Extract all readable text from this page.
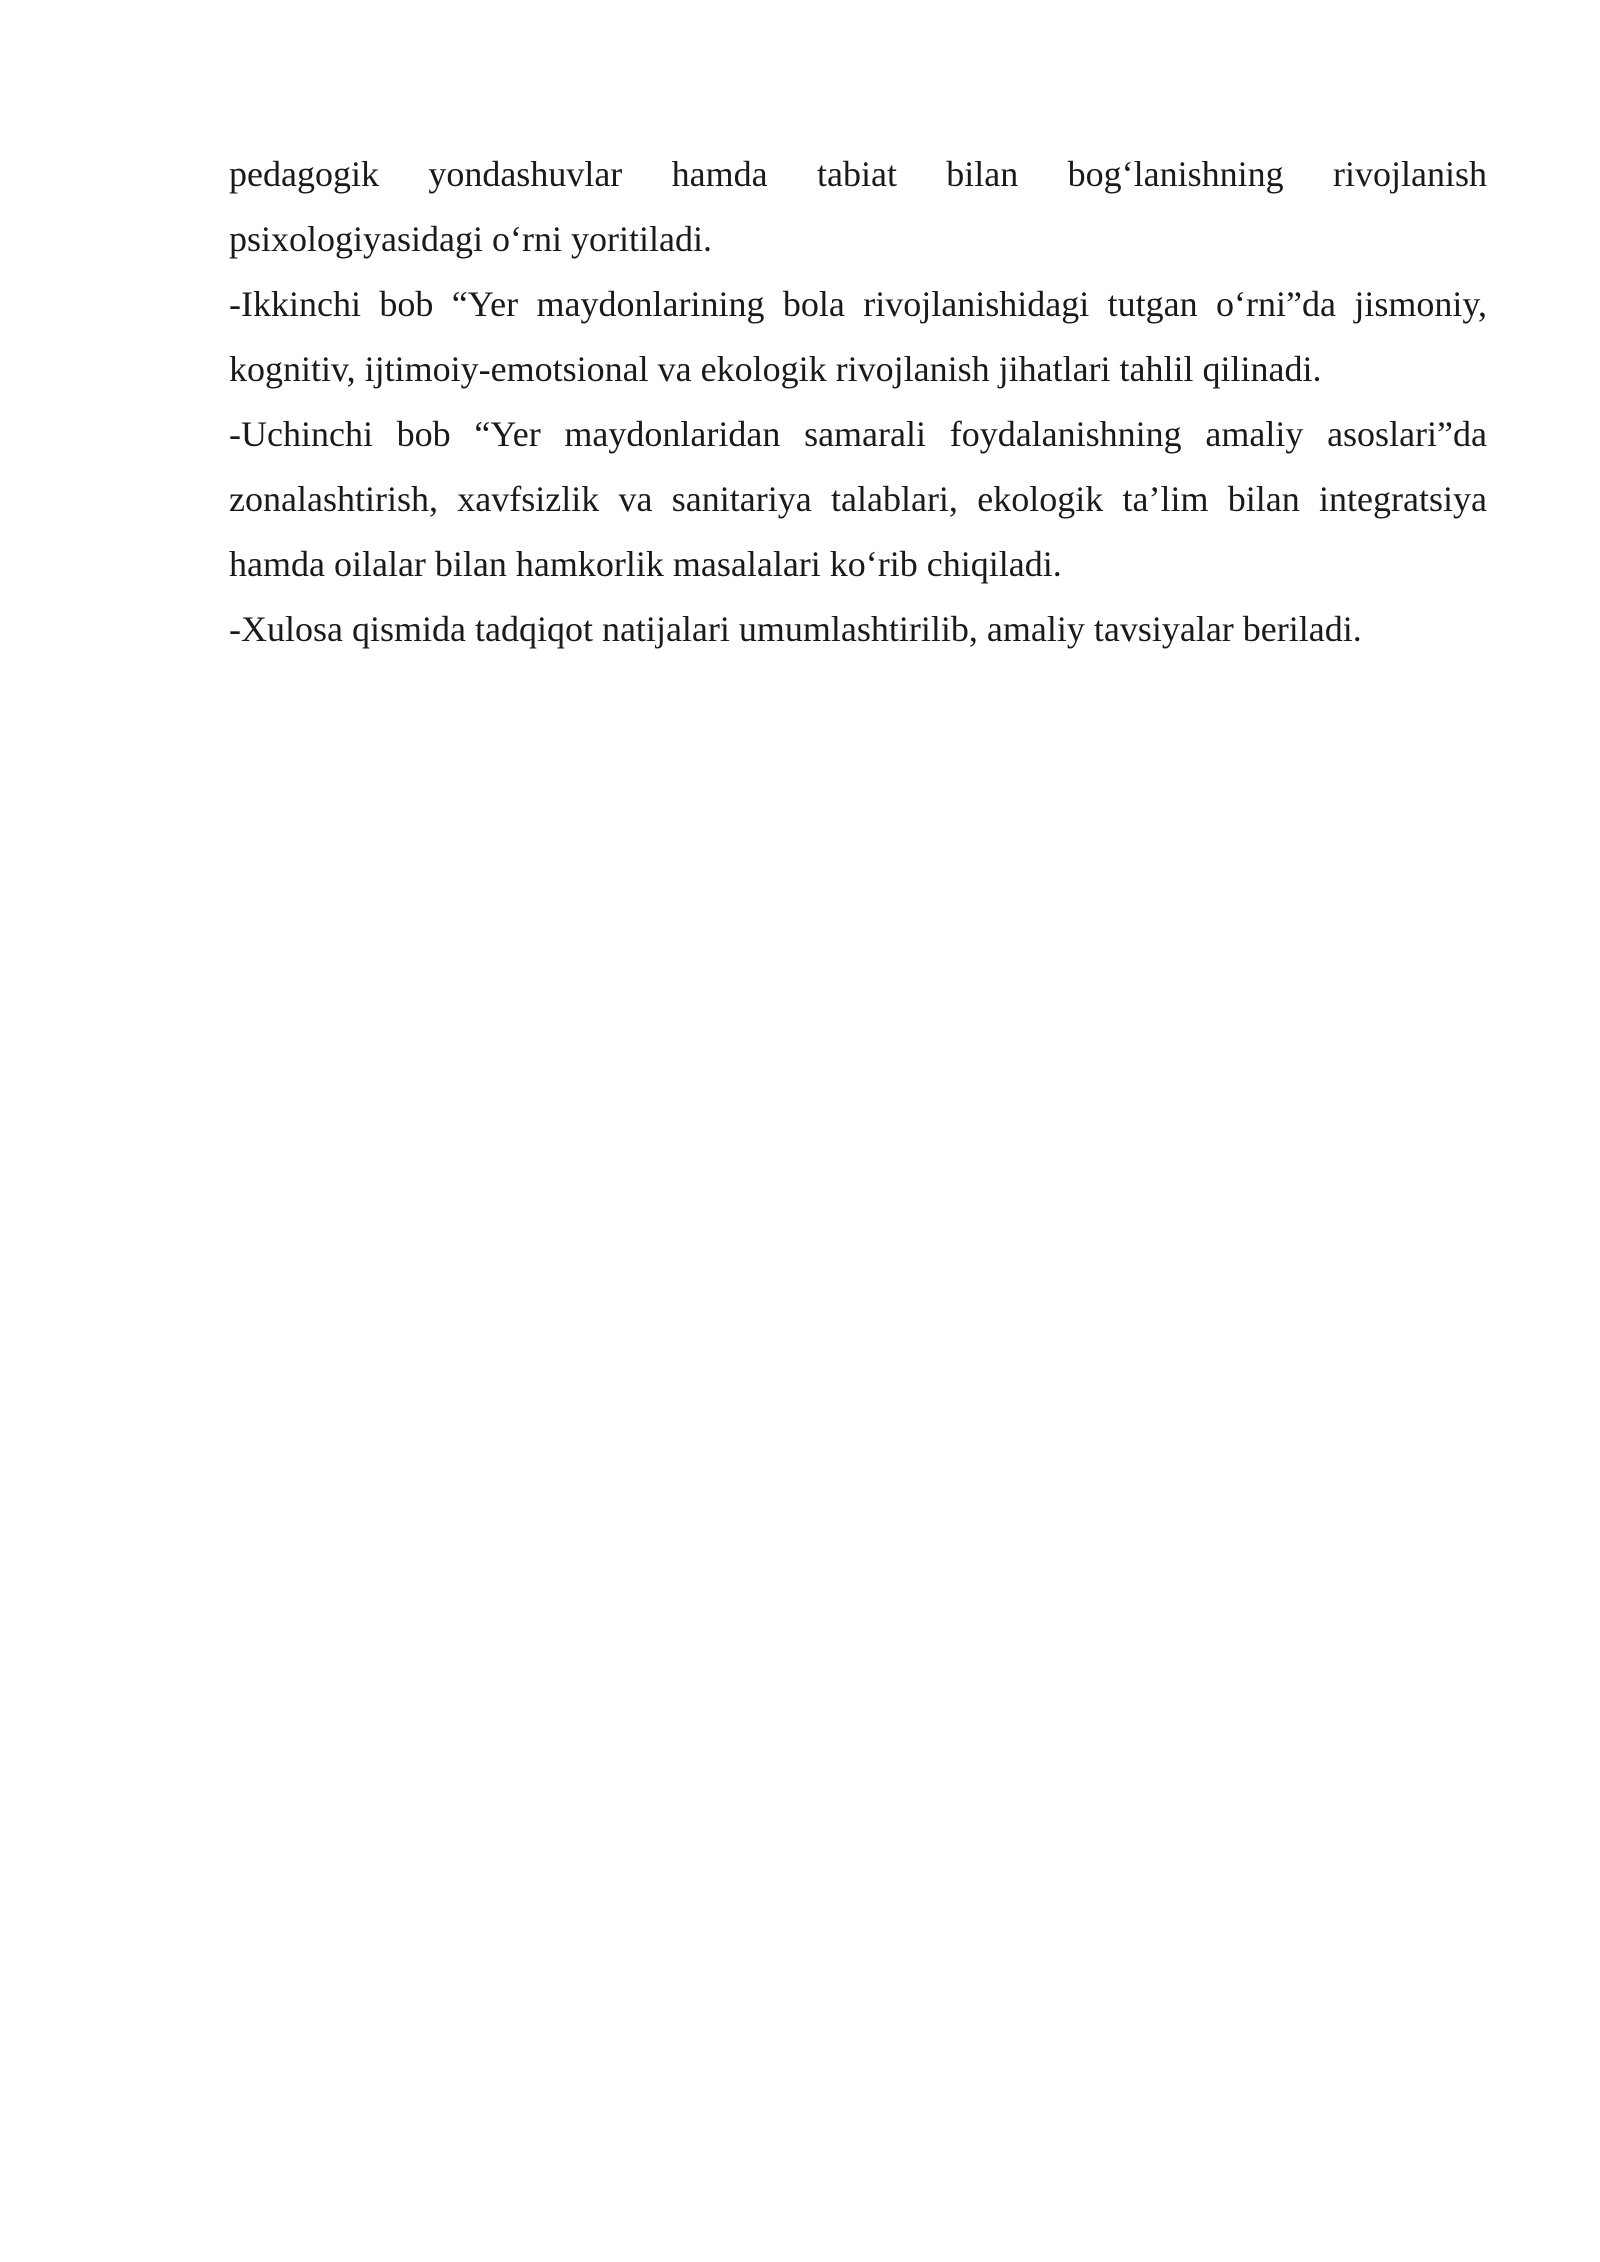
pedagogik yondashuvlar hamda tabiat bilan bog‘lanishning rivojlanish psixologiyasidagi o‘rni yoritiladi.

-Ikkinchi bob “Yer maydonlarining bola rivojlanishidagi tutgan o‘rni”da jismoniy, kognitiv, ijtimoiy-emotsional va ekologik rivojlanish jihatlari tahlil qilinadi.

-Uchinchi bob “Yer maydonlaridan samarali foydalanishning amaliy asoslari”da zonalashtirish, xavfsizlik va sanitariya talablari, ekologik ta’lim bilan integratsiya hamda oilalar bilan hamkorlik masalalari ko‘rib chiqiladi.

-Xulosa qismida tadqiqot natijalari umumlashtirilib, amaliy tavsiyalar beriladi.
